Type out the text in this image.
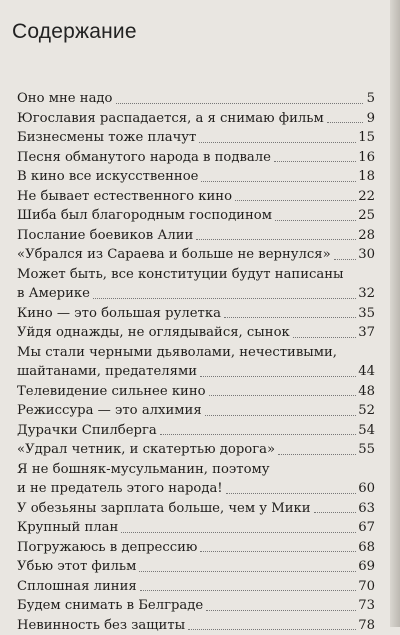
Содержание
Оно мне надо	5
Югославия распадается, а я снимаю фильм	9
Бизнесмены тоже плачут	15
Песня обманутого народа в подвале	16
В кино все искусственное	18
Не бывает естественного кино	22
Шиба был благородным господином	25
Послание боевиков Алии	28
«Убрался из Сараева и больше не вернулся» 30
Может быть, все конституции будут написаны
в Америке	32
Кино — это большая рулетка	35
Уйдя однажды, не оглядывайся, сынок	37
Мы стали черными дьяволами, нечестивыми,
шайтанами, предателями	44
Телевидение сильнее кино	48
Режиссура — это алхимия	52
Дурачки Спилберга	54
«Удрал четник, и скатертью дорога»	55
Я не бошняк-мусульманин, поэтому
и не предатель этого народа!	60
У обезьяны зарплата больше, чем у Мики	63
Крупный план	67
Погружаюсь в депрессию	68
Убью этот фильм	69
Сплошная линия	70
Будем снимать в Белграде	73
Невинность без защиты	78
